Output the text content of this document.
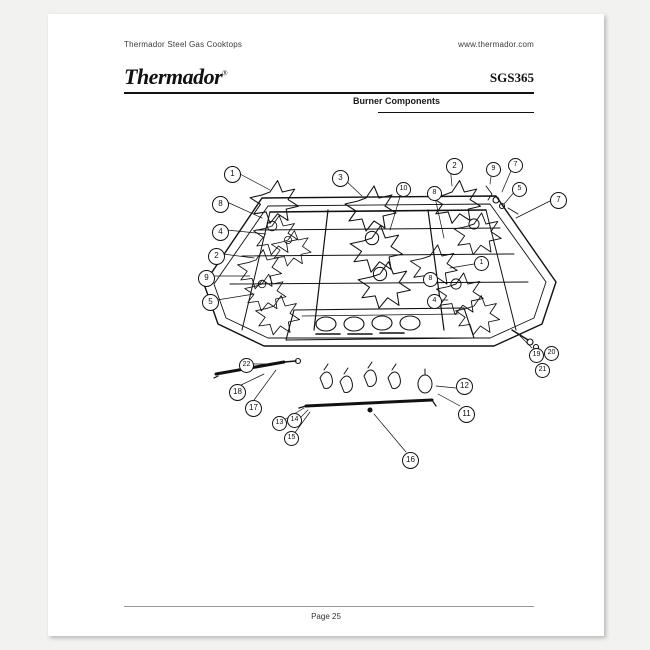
Thermador Steel Gas Cooktops	www.thermador.com
Thermador®	SGS365
Burner Components
1	3
10
2	9
7
8
8
5
7
4
2
1
9	8
5	4
19	20
21
22
12
18
17
11
13	14
15
16
Page 25
